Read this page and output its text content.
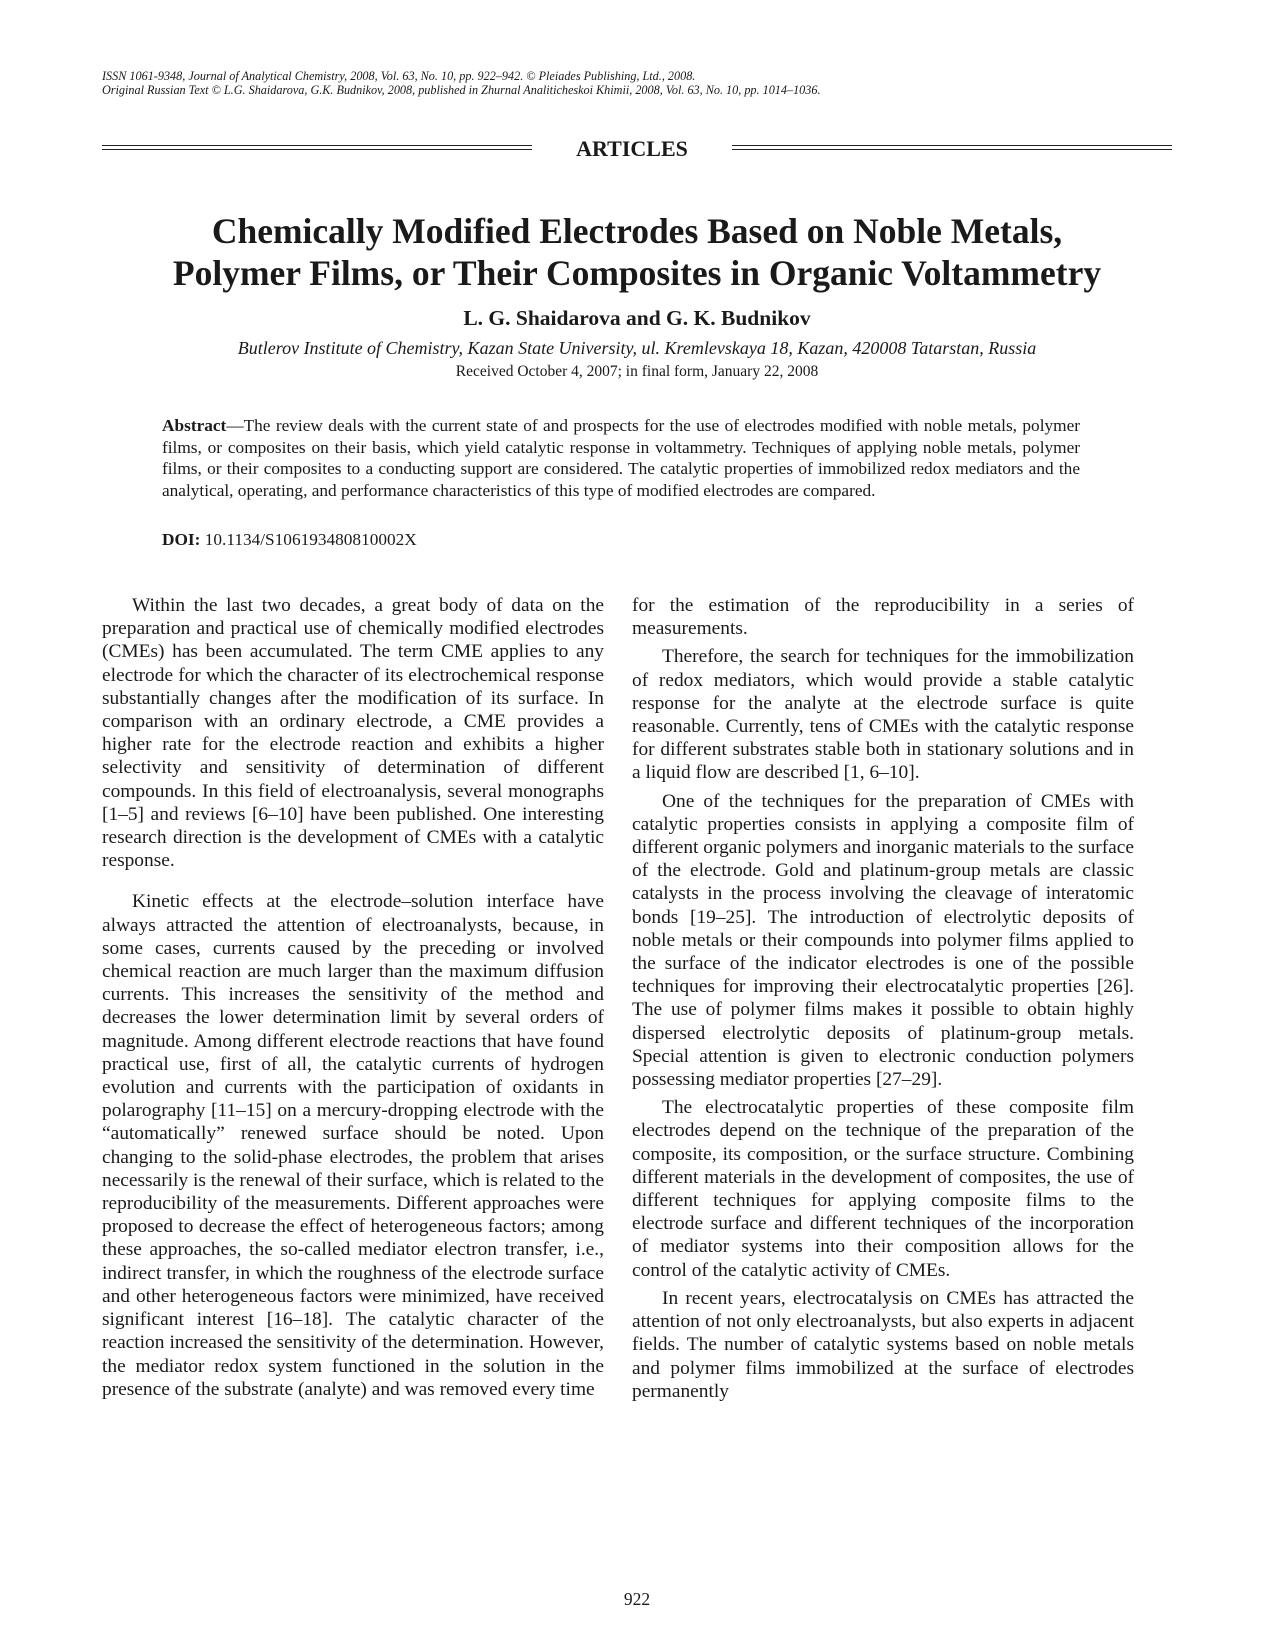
ISSN 1061-9348, Journal of Analytical Chemistry, 2008, Vol. 63, No. 10, pp. 922–942. © Pleiades Publishing, Ltd., 2008.
Original Russian Text © L.G. Shaidarova, G.K. Budnikov, 2008, published in Zhurnal Analiticheskoi Khimii, 2008, Vol. 63, No. 10, pp. 1014–1036.
ARTICLES
Chemically Modified Electrodes Based on Noble Metals,
Polymer Films, or Their Composites in Organic Voltammetry
L. G. Shaidarova and G. K. Budnikov
Butlerov Institute of Chemistry, Kazan State University, ul. Kremlevskaya 18, Kazan, 420008 Tatarstan, Russia
Received October 4, 2007; in final form, January 22, 2008
Abstract—The review deals with the current state of and prospects for the use of electrodes modified with noble metals, polymer films, or composites on their basis, which yield catalytic response in voltammetry. Techniques of applying noble metals, polymer films, or their composites to a conducting support are considered. The catalytic properties of immobilized redox mediators and the analytical, operating, and performance characteristics of this type of modified electrodes are compared.
DOI: 10.1134/S106193480810002X

Within the last two decades, a great body of data on the preparation and practical use of chemically modified electrodes (CMEs) has been accumulated. The term CME applies to any electrode for which the character of its electrochemical response substantially changes after the modification of its surface. In comparison with an ordinary electrode, a CME provides a higher rate for the electrode reaction and exhibits a higher selectivity and sensitivity of determination of different compounds. In this field of electroanalysis, several monographs [1–5] and reviews [6–10] have been published. One interesting research direction is the development of CMEs with a catalytic response.

Kinetic effects at the electrode–solution interface have always attracted the attention of electroanalysts, because, in some cases, currents caused by the preceding or involved chemical reaction are much larger than the maximum diffusion currents. This increases the sensitivity of the method and decreases the lower determination limit by several orders of magnitude. Among different electrode reactions that have found practical use, first of all, the catalytic currents of hydrogen evolution and currents with the participation of oxidants in polarography [11–15] on a mercury-dropping electrode with the “automatically” renewed surface should be noted. Upon changing to the solid-phase electrodes, the problem that arises necessarily is the renewal of their surface, which is related to the reproducibility of the measurements. Different approaches were proposed to decrease the effect of heterogeneous factors; among these approaches, the so-called mediator electron transfer, i.e., indirect transfer, in which the roughness of the electrode surface and other heterogeneous factors were minimized, have received significant interest [16–18]. The catalytic character of the reaction increased the sensitivity of the determination. However, the mediator redox system functioned in the solution in the presence of the substrate (analyte) and was removed every time

for the estimation of the reproducibility in a series of measurements.

Therefore, the search for techniques for the immobilization of redox mediators, which would provide a stable catalytic response for the analyte at the electrode surface is quite reasonable. Currently, tens of CMEs with the catalytic response for different substrates stable both in stationary solutions and in a liquid flow are described [1, 6–10].

One of the techniques for the preparation of CMEs with catalytic properties consists in applying a composite film of different organic polymers and inorganic materials to the surface of the electrode. Gold and platinum-group metals are classic catalysts in the process involving the cleavage of interatomic bonds [19–25]. The introduction of electrolytic deposits of noble metals or their compounds into polymer films applied to the surface of the indicator electrodes is one of the possible techniques for improving their electrocatalytic properties [26]. The use of polymer films makes it possible to obtain highly dispersed electrolytic deposits of platinum-group metals. Special attention is given to electronic conduction polymers possessing mediator properties [27–29].

The electrocatalytic properties of these composite film electrodes depend on the technique of the preparation of the composite, its composition, or the surface structure. Combining different materials in the development of composites, the use of different techniques for applying composite films to the electrode surface and different techniques of the incorporation of mediator systems into their composition allows for the control of the catalytic activity of CMEs.

In recent years, electrocatalysis on CMEs has attracted the attention of not only electroanalysts, but also experts in adjacent fields. The number of catalytic systems based on noble metals and polymer films immobilized at the surface of electrodes permanently

922
